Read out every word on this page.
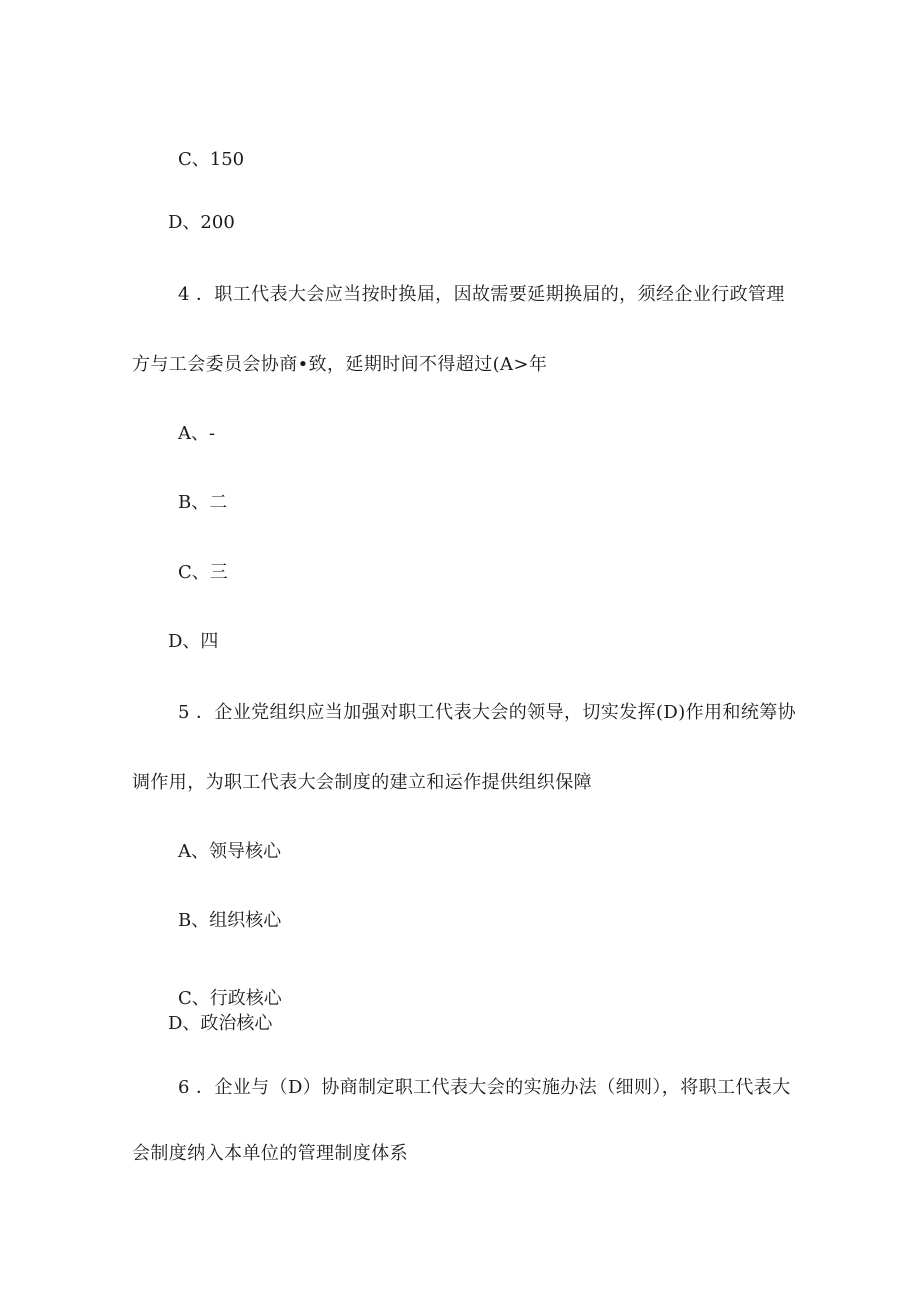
C、150
D、200
4 ．职工代表大会应当按时换届，因故需要延期换届的，须经企业行政管理
方与工会委员会协商•致，延期时间不得超过(A>年
A、-
B、二
C、三
D、四
5 ．企业党组织应当加强对职工代表大会的领导，切实发挥(D)作用和统筹协
调作用，为职工代表大会制度的建立和运作提供组织保障
A、领导核心
B、组织核心
C、行政核心
D、政治核心
6 ．企业与（D）协商制定职工代表大会的实施办法（细则），将职工代表大
会制度纳入本单位的管理制度体系
